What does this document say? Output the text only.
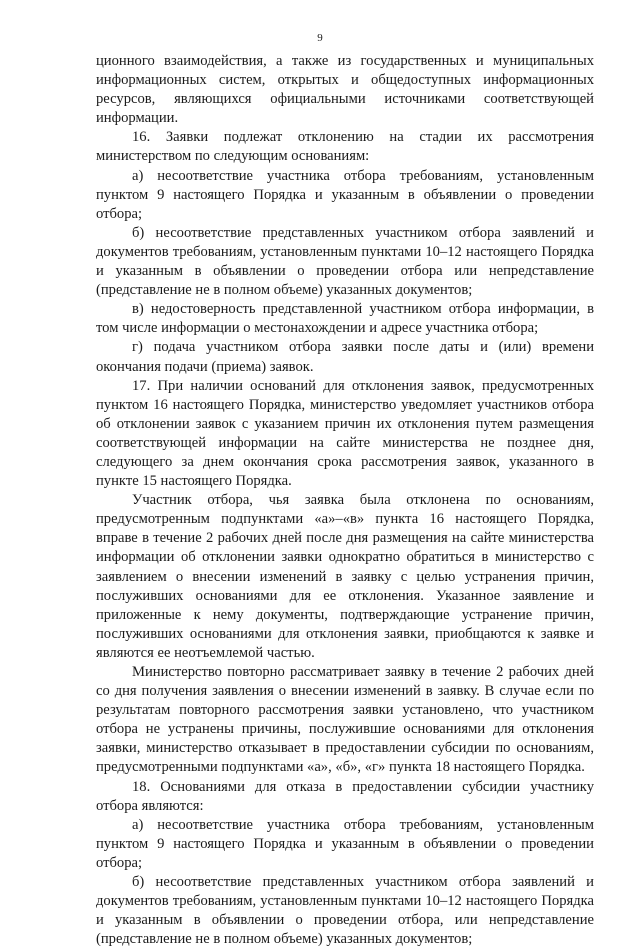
9

ционного взаимодействия, а также из государственных и муниципальных информационных систем, открытых и общедоступных информационных ресурсов, являющихся официальными источниками соответствующей информации.

16. Заявки подлежат отклонению на стадии их рассмотрения министерством по следующим основаниям:

а) несоответствие участника отбора требованиям, установленным пунктом 9 настоящего Порядка и указанным в объявлении о проведении отбора;

б) несоответствие представленных участником отбора заявлений и документов требованиям, установленным пунктами 10–12 настоящего Порядка и указанным в объявлении о проведении отбора или непредставление (представление не в полном объеме) указанных документов;

в) недостоверность представленной участником отбора информации, в том числе информации о местонахождении и адресе участника отбора;

г) подача участником отбора заявки после даты и (или) времени окончания подачи (приема) заявок.

17. При наличии оснований для отклонения заявок, предусмотренных пунктом 16 настоящего Порядка, министерство уведомляет участников отбора об отклонении заявок с указанием причин их отклонения путем размещения соответствующей информации на сайте министерства не позднее дня, следующего за днем окончания срока рассмотрения заявок, указанного в пункте 15 настоящего Порядка.

Участник отбора, чья заявка была отклонена по основаниям, предусмотренным подпунктами «а»–«в» пункта 16 настоящего Порядка, вправе в течение 2 рабочих дней после дня размещения на сайте министерства информации об отклонении заявки однократно обратиться в министерство с заявлением о внесении изменений в заявку с целью устранения причин, послуживших основаниями для ее отклонения. Указанное заявление и приложенные к нему документы, подтверждающие устранение причин, послуживших основаниями для отклонения заявки, приобщаются к заявке и являются ее неотъемлемой частью.

Министерство повторно рассматривает заявку в течение 2 рабочих дней со дня получения заявления о внесении изменений в заявку. В случае если по результатам повторного рассмотрения заявки установлено, что участником отбора не устранены причины, послужившие основаниями для отклонения заявки, министерство отказывает в предоставлении субсидии по основаниям, предусмотренными подпунктами «а», «б», «г» пункта 18 настоящего Порядка.

18. Основаниями для отказа в предоставлении субсидии участнику отбора являются:

а) несоответствие участника отбора требованиям, установленным пунктом 9 настоящего Порядка и указанным в объявлении о проведении отбора;

б) несоответствие представленных участником отбора заявлений и документов требованиям, установленным пунктами 10–12 настоящего Порядка и указанным в объявлении о проведении отбора, или непредставление (представление не в полном объеме) указанных документов;
